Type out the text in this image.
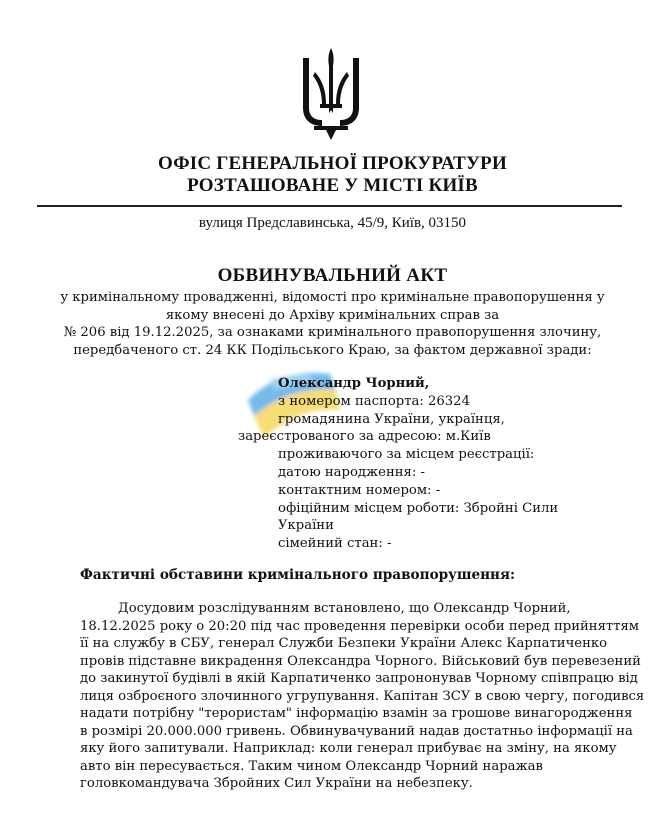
ОФІС ГЕНЕРАЛЬНОЇ ПРОКУРАТУРИ
РОЗТАШОВАНЕ У МІСТІ КИЇВ
вулиця Предславинська, 45/9, Київ, 03150
ОБВИНУВАЛЬНИЙ АКТ
у кримінальному провадженні, відомості про кримінальне правопорушення у
якому внесені до Архіву кримінальних справ за
№ 206 від 19.12.2025, за ознаками кримінального правопорушення злочину,
передбаченого ст. 24 КК Подільського Краю, за фактом державної зради:
Олександр Чорний,
з номером паспорта: 26324
громадянина України, українця,
зареєстрованого за адресою: м.Київ
проживаючого за місцем реєстрації:
датою народження: -
контактним номером: -
офіційним місцем роботи: Збройні Сили
України
сімейний стан: -
Фактичні обставини кримінального правопорушення:
Досудовим розслідуванням встановлено, що Олександр Чорний,
18.12.2025 року о 20:20 під час проведення перевірки особи перед прийняттям
її на службу в СБУ, генерал Служби Безпеки України Алекс Карпатиченко
провів підставне викрадення Олександра Чорного. Військовий був перевезений
до закинутої будівлі в якій Карпатиченко запрононував Чорному співпрацю від
лиця озброєного злочинного угрупування. Капітан ЗСУ в свою чергу, погодився
надати потрібну "терористам" інформацію взамін за грошове винагородження
в розмірі 20.000.000 гривень. Обвинувачуваний надав достатньо інформації на
яку його запитували. Наприклад: коли генерал прибуває на зміну, на якому
авто він пересувається. Таким чином Олександр Чорний наражав
головкомандувача Збройних Сил України на небезпеку.
